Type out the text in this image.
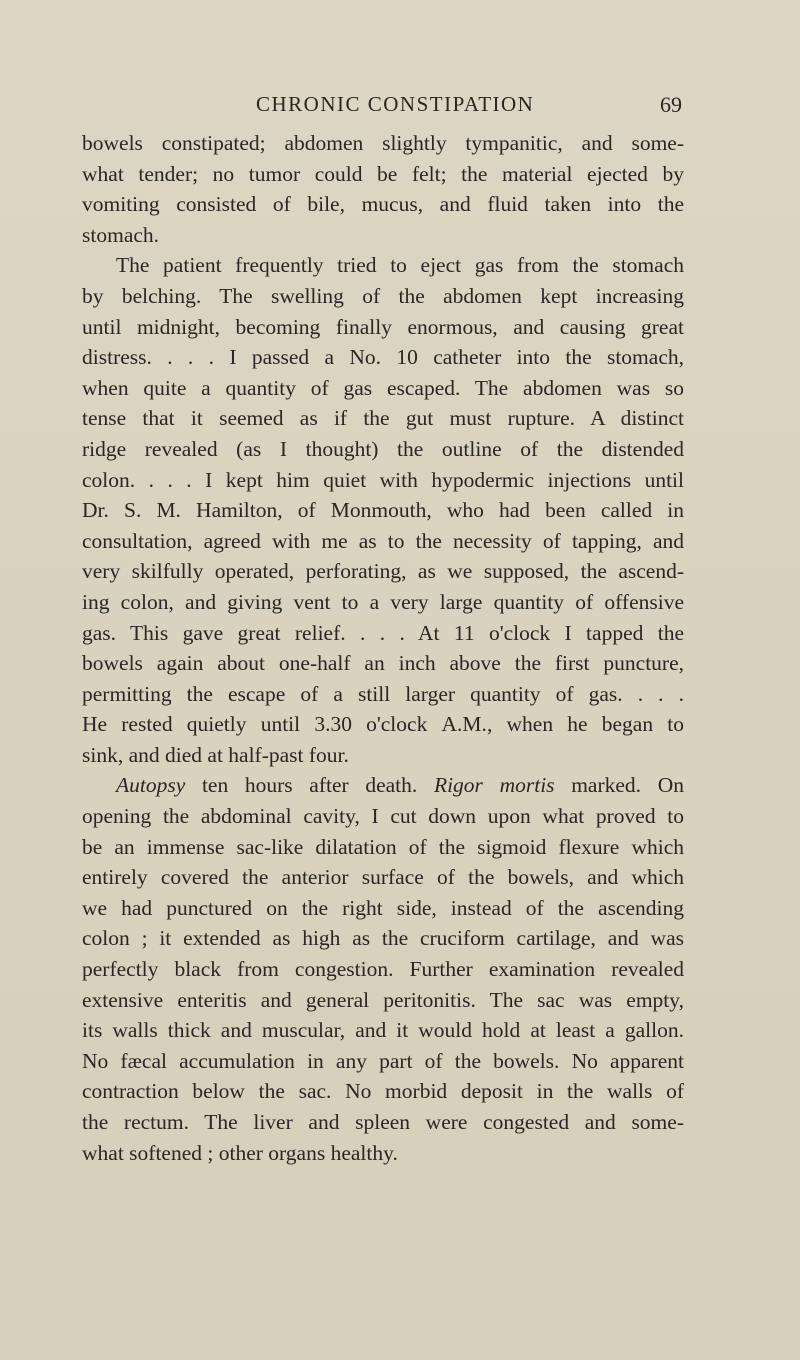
CHRONIC CONSTIPATION	69
bowels constipated; abdomen slightly tympanitic, and some-
what tender; no tumor could be felt; the material ejected by
vomiting consisted of bile, mucus, and fluid taken into the
stomach.
The patient frequently tried to eject gas from the stomach
by belching. The swelling of the abdomen kept increasing
until midnight, becoming finally enormous, and causing great
distress. . . . I passed a No. 10 catheter into the stomach,
when quite a quantity of gas escaped. The abdomen was so
tense that it seemed as if the gut must rupture. A distinct
ridge revealed (as I thought) the outline of the distended
colon. . . . I kept him quiet with hypodermic injections until
Dr. S. M. Hamilton, of Monmouth, who had been called in
consultation, agreed with me as to the necessity of tapping, and
very skilfully operated, perforating, as we supposed, the ascend-
ing colon, and giving vent to a very large quantity of offensive
gas. This gave great relief. . . . At 11 o'clock I tapped the
bowels again about one-half an inch above the first puncture,
permitting the escape of a still larger quantity of gas. . . .
He rested quietly until 3.30 o'clock A.M., when he began to
sink, and died at half-past four.
Autopsy ten hours after death. Rigor mortis marked. On
opening the abdominal cavity, I cut down upon what proved to
be an immense sac-like dilatation of the sigmoid flexure which
entirely covered the anterior surface of the bowels, and which
we had punctured on the right side, instead of the ascending
colon ; it extended as high as the cruciform cartilage, and was
perfectly black from congestion. Further examination revealed
extensive enteritis and general peritonitis. The sac was empty,
its walls thick and muscular, and it would hold at least a gallon.
No fæcal accumulation in any part of the bowels. No apparent
contraction below the sac. No morbid deposit in the walls of
the rectum. The liver and spleen were congested and some-
what softened ; other organs healthy.
